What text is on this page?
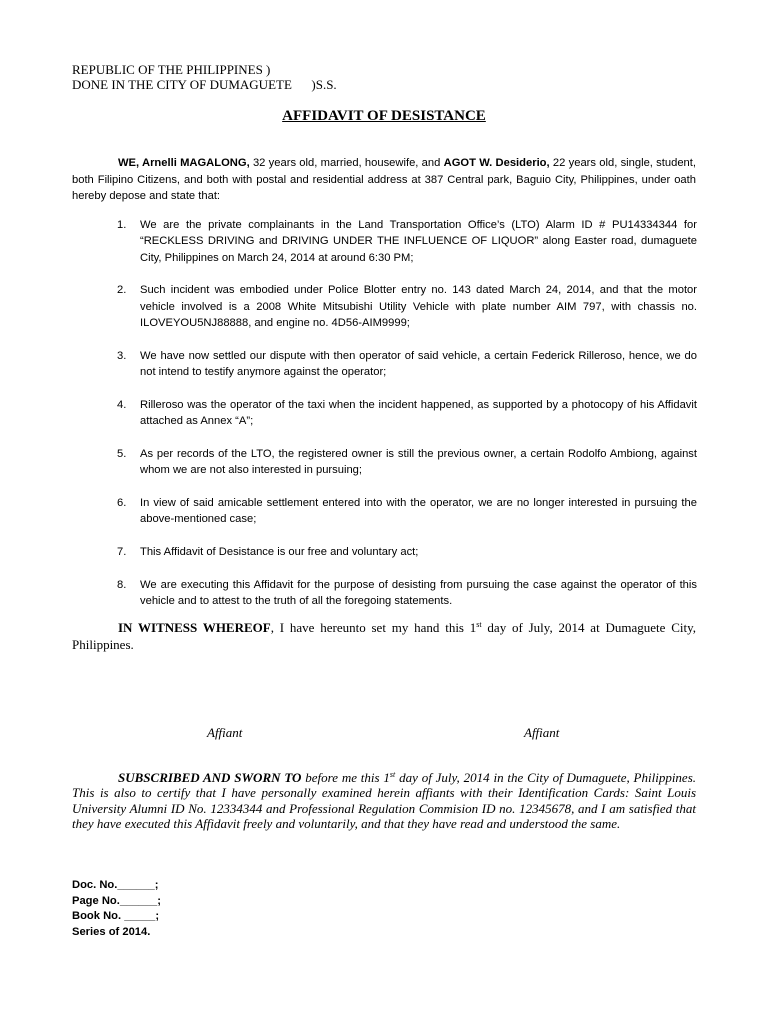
REPUBLIC OF THE PHILIPPINES )
DONE IN THE CITY OF DUMAGUETE      )S.S.
AFFIDAVIT OF DESISTANCE

WE, Arnelli MAGALONG, 32 years old, married, housewife, and AGOT W. Desiderio, 22 years old, single, student, both Filipino Citizens, and both with postal and residential address at 387 Central park, Baguio City, Philippines, under oath hereby depose and state that:

1. We are the private complainants in the Land Transportation Office’s (LTO) Alarm ID # PU14334344 for “RECKLESS DRIVING and DRIVING UNDER THE INFLUENCE OF LIQUOR” along Easter road, dumaguete City, Philippines on March 24, 2014 at around 6:30 PM;
2. Such incident was embodied under Police Blotter entry no. 143 dated March 24, 2014, and that the motor vehicle involved is a 2008 White Mitsubishi Utility Vehicle with plate number AIM 797, with chassis no. ILOVEYOU5NJ88888, and engine no. 4D56-AIM9999;
3. We have now settled our dispute with then operator of said vehicle, a certain Federick Rilleroso, hence, we do not intend to testify anymore against the operator;
4. Rilleroso was the operator of the taxi when the incident happened, as supported by a photocopy of his Affidavit attached as Annex “A”;
5. As per records of the LTO, the registered owner is still the previous owner, a certain Rodolfo Ambiong, against whom we are not also interested in pursuing;
6. In view of said amicable settlement entered into with the operator, we are no longer interested in pursuing the above-mentioned case;
7. This Affidavit of Desistance is our free and voluntary act;
8. We are executing this Affidavit for the purpose of desisting from pursuing the case against the operator of this vehicle and to attest to the truth of all the foregoing statements.

IN WITNESS WHEREOF, I have hereunto set my hand this 1st day of July, 2014 at Dumaguete City, Philippines.

Affiant	Affiant

SUBSCRIBED AND SWORN TO before me this 1st day of July, 2014 in the City of Dumaguete, Philippines. This is also to certify that I have personally examined herein affiants with their Identification Cards: Saint Louis University Alumni ID No. 12334344 and Professional Regulation Commision ID no. 12345678, and I am satisfied that they have executed this Affidavit freely and voluntarily, and that they have read and understood the same.

Doc. No.______;
Page No.______;
Book No. _____;
Series of 2014.
